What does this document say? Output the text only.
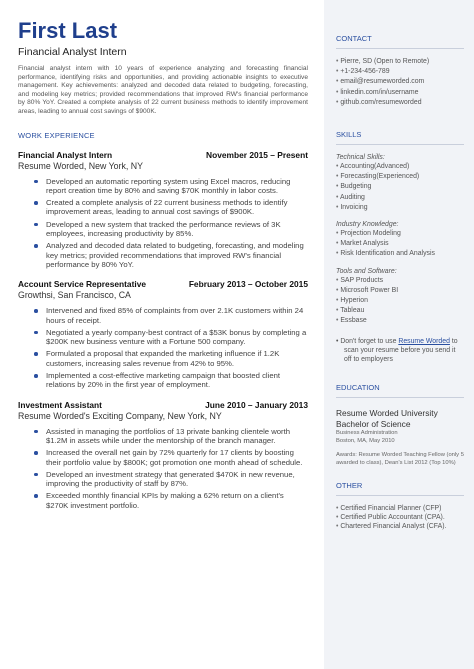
First Last
Financial Analyst Intern
Financial analyst intern with 10 years of experience analyzing and forecasting financial performance, identifying risks and opportunities, and providing actionable insights to executive management. Key achievements: analyzed and decoded data related to budgeting, forecasting, and modeling key metrics; provided recommendations that improved RW's financial performance by 80% YoY. Created a complete analysis of 22 current business methods to identify improvement areas, leading to annual cost savings of $900K.
WORK EXPERIENCE
Financial Analyst Intern	November 2015 – Present
Resume Worded, New York, NY
Developed an automatic reporting system using Excel macros, reducing report creation time by 80% and saving $70K monthly in labor costs.
Created a complete analysis of 22 current business methods to identify improvement areas, leading to annual cost savings of $900K.
Developed a new system that tracked the performance reviews of 3K employees, increasing productivity by 85%.
Analyzed and decoded data related to budgeting, forecasting, and modeling key metrics; provided recommendations that improved RW's financial performance by 80% YoY.
Account Service Representative	February 2013 – October 2015
Growthsi, San Francisco, CA
Intervened and fixed 85% of complaints from over 2.1K customers within 24 hours of receipt.
Negotiated a yearly company-best contract of a $53K bonus by completing a $200K new business venture with a Fortune 500 company.
Formulated a proposal that expanded the marketing influence if 1.2K customers, increasing sales revenue from 42% to 95%.
Implemented a cost-effective marketing campaign that boosted client relations by 20% in the first year of employment.
Investment Assistant	June 2010 – January 2013
Resume Worded's Exciting Company, New York, NY
Assisted in managing the portfolios of 13 private banking clientele worth $1.2M in assets while under the mentorship of the branch manager.
Increased the overall net gain by 72% quarterly for 17 clients by boosting their portfolio value by $800K; got promotion one month ahead of schedule.
Developed an investment strategy that generated $470K in new revenue, improving the productivity of staff by 87%.
Exceeded monthly financial KPIs by making a 62% return on a client's $270K investment portfolio.
CONTACT
• Pierre, SD (Open to Remote)
• +1-234-456-789
• email@resumeworded.com
• linkedin.com/in/username
• github.com/resumeworded
SKILLS
Technical Skills:
• Accounting(Advanced)
• Forecasting(Experienced)
• Budgeting
• Auditing
• Invoicing
Industry Knowledge:
• Projection Modeling
• Market Analysis
• Risk Identification and Analysis
Tools and Software:
• SAP Products
• Microsoft Power BI
• Hyperion
• Tableau
• Essbase
• Don't forget to use Resume Worded to scan your resume before you send it off to employers
EDUCATION
Resume Worded University
Bachelor of Science
Business Administration
Boston, MA, May 2010
Awards: Resume Worded Teaching Fellow (only 5 awarded to class), Dean's List 2012 (Top 10%)
OTHER
• Certified Financial Planner (CFP)
• Certified Public Accountant (CPA).
• Chartered Financial Analyst (CFA).
